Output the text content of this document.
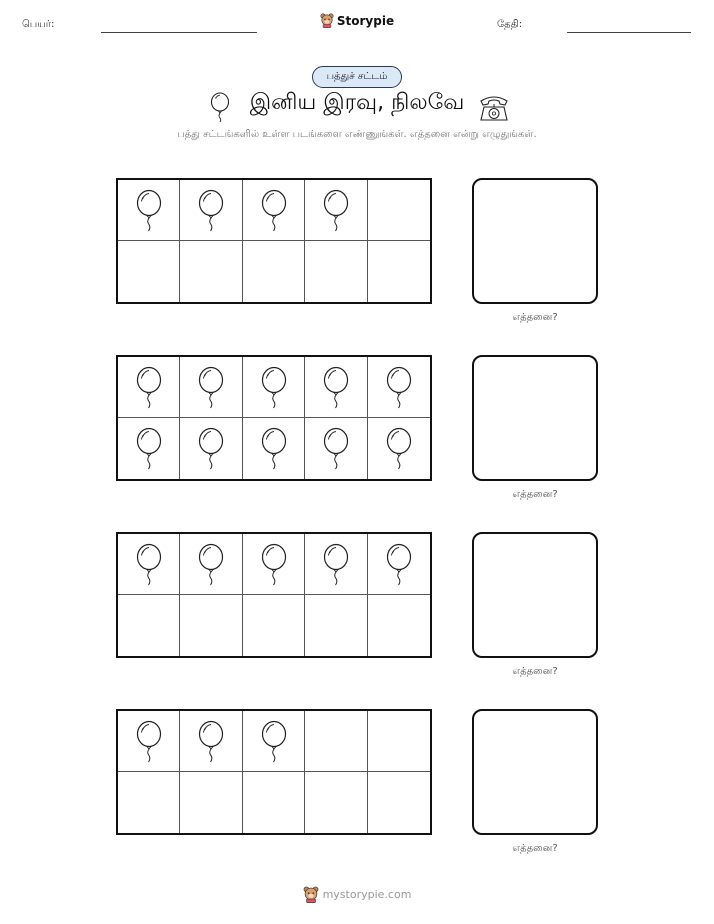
பெயர்:	Storypie	தேதி:
பத்துச் சட்டம்
இனிய இரவு, நிலவே
பத்து சட்டங்களில் உள்ள படங்களை எண்ணுங்கள். எத்தனை என்று எழுதுங்கள்.
எத்தனை?
எத்தனை?
எத்தனை?
எத்தனை?
mystorypie.com
